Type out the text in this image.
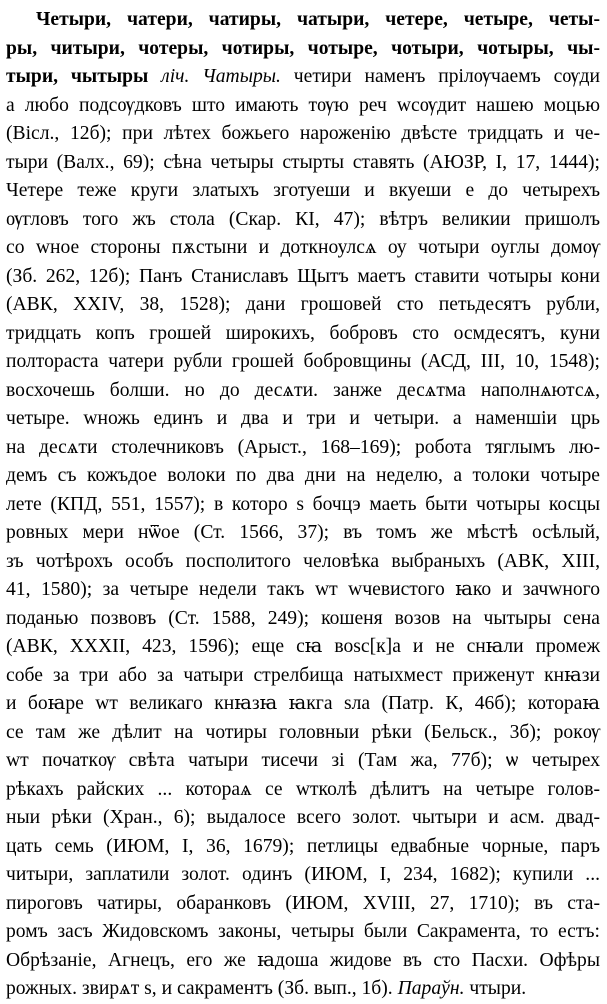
Четыри, чатери, чатиры, чатыри, четере, четыре, четы-
ры, читыри, чотеры, чотиры, чотыре, чотыри, чотыры, чы-
тыри, чытыры ліч. Чатыры. четири наменъ прілѹчаемъ сѹди
а любо подсѹдковъ што имають тѹю реч wсѹдит нашею моцью
(Вісл., 12б); при лѣтех божьего нароженію двѣсте тридцать и че-
тыри (Валх., 69); сѣна четыры стырты ставять (АЮЗР, І, 17, 1444);
Четере теже круги златыхъ зготуеши и вкуеши е до четырехъ
ѹгловъ того жъ стола (Скар. КІ, 47); вѣтръ великии пришолъ
со wное стороны пѫстыни и доткноулсѧ оу чотыри оуглы домѹ
(Зб. 262, 12б); Панъ Станиславъ Щытъ маетъ ставити чотыры кони
(АВК, XXIV, 38, 1528); дани грошовей сто петьдесятъ рубли,
тридцать копъ грошей широкихъ, бобровъ сто осмдесятъ, куни
полтораста чатери рубли грошей бобровщины (АСД, ІІІ, 10, 1548);
восхочешь болши. но до десѧти. занже десѧтма наполнѧютсѧ,
четыре. wножь единъ и два и три и четыри. а наменшіи црь
на десѧти столечниковъ (Арыст., 168–169); робота тяглымъ лю-
демъ съ кожъдое волоки по два дни на неделю, а толоки чотыре
лете (КПД, 551, 1557); в которо ѕ бочцэ маеть быти чотыры косцы
ровных мери нѿое (Ст. 1566, 37); въ томъ же мѣстѣ осѣлый,
зъ чотѣрохъ особъ посполитого человѣка выбраныхъ (АВК, XIII,
41, 1580); за четыре недели такъ wт wчевистого ꙗко и зачwного
поданью позвовъ (Ст. 1588, 249); кошеня возов на чытыры сена
(АВК, XXXII, 423, 1596); еще сꙗ воѕс[к]а и не снꙗли промеж
собе за три або за чатыри стрелбища натыхмест приженут кнꙗзи
и боꙗре wт великаго кнꙗзꙗ ꙗкга ѕла (Патр. К, 46б); котораꙗ
се там же дѣлит на чотиры головныи рѣки (Бельск., 3б); рокѹ
wт початкѹ свѣта чатыри тисечи зі (Там жа, 77б); ѡ четырех
рѣкахъ райских ... котораѧ се wтколѣ дѣлитъ на четыре голов-
ныи рѣки (Хран., 6); выдалосе всего золот. чытыри и асм. двад-
цать семь (ИЮМ, І, 36, 1679); петлицы едвабные чорные, паръ
читыри, заплатили золот. одинъ (ИЮМ, І, 234, 1682); купили ...
пироговъ чатиры, обаранковъ (ИЮМ, XVIII, 27, 1710); въ ста-
ромъ засъ Жидовскомъ законы, четыры были Сакрамента, то естъ:
Обрѣзаніе, Агнецъ, его же ꙗдоша жидове въ сто Пасхи. Офѣры
рожных. звирѧт ѕ, и сакраментъ (Зб. вып., 1б). Параўн. чтыри.
